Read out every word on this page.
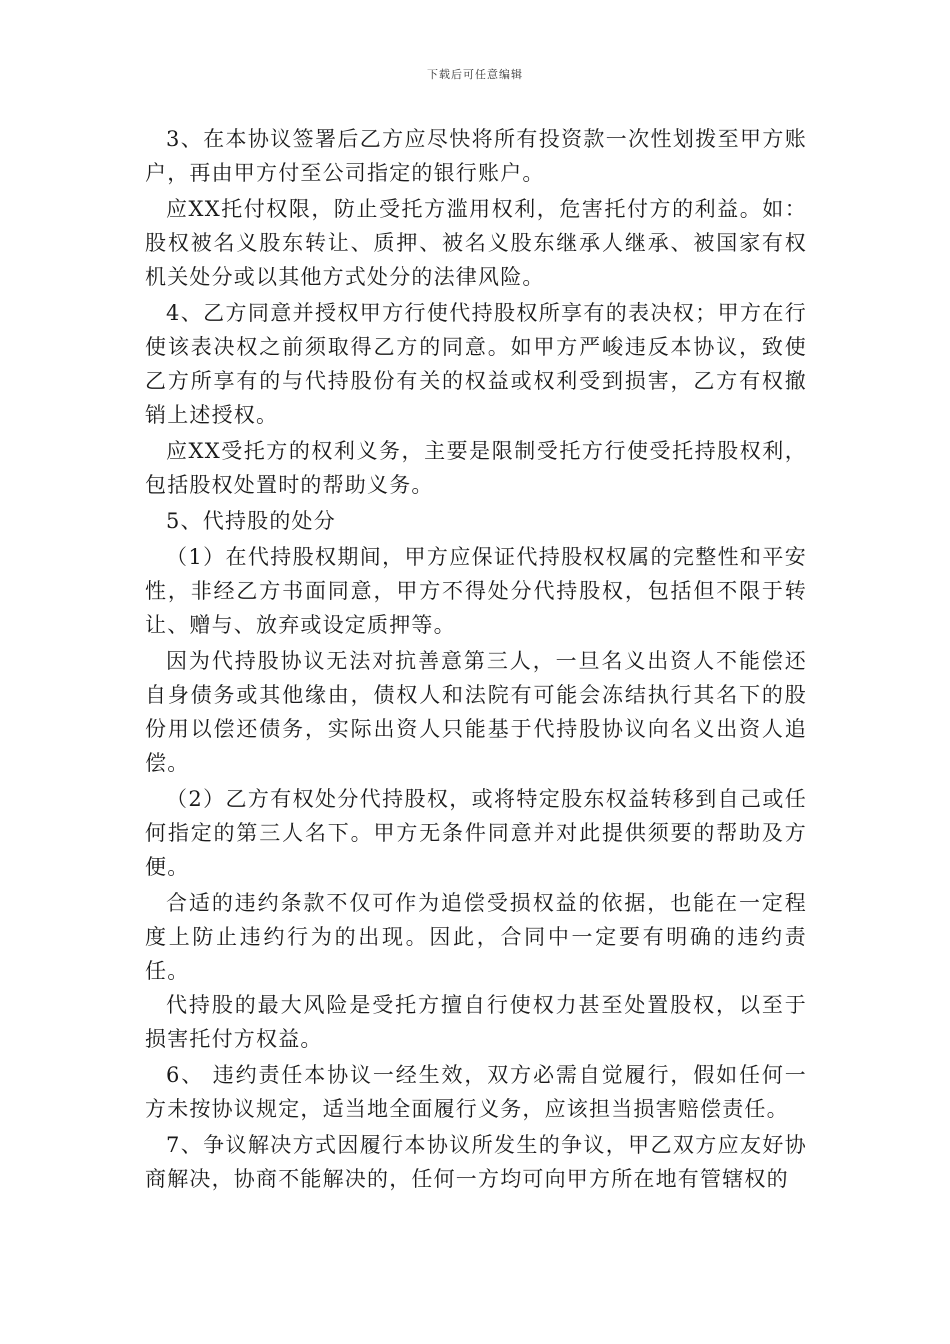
下载后可任意编辑

3、在本协议签署后乙方应尽快将所有投资款一次性划拨至甲方账户，再由甲方付至公司指定的银行账户。

应XX托付权限，防止受托方滥用权利，危害托付方的利益。如：股权被名义股东转让、质押、被名义股东继承人继承、被国家有权机关处分或以其他方式处分的法律风险。

4、乙方同意并授权甲方行使代持股权所享有的表决权；甲方在行使该表决权之前须取得乙方的同意。如甲方严峻违反本协议，致使乙方所享有的与代持股份有关的权益或权利受到损害，乙方有权撤销上述授权。

应XX受托方的权利义务，主要是限制受托方行使受托持股权利，包括股权处置时的帮助义务。

5、代持股的处分

（1）在代持股权期间，甲方应保证代持股权权属的完整性和平安性，非经乙方书面同意，甲方不得处分代持股权，包括但不限于转让、赠与、放弃或设定质押等。

因为代持股协议无法对抗善意第三人，一旦名义出资人不能偿还自身债务或其他缘由，债权人和法院有可能会冻结执行其名下的股份用以偿还债务，实际出资人只能基于代持股协议向名义出资人追偿。

（2）乙方有权处分代持股权，或将特定股东权益转移到自己或任何指定的第三人名下。甲方无条件同意并对此提供须要的帮助及方便。

合适的违约条款不仅可作为追偿受损权益的依据，也能在一定程度上防止违约行为的出现。因此，合同中一定要有明确的违约责任。

代持股的最大风险是受托方擅自行使权力甚至处置股权，以至于损害托付方权益。

6、 违约责任本协议一经生效，双方必需自觉履行，假如任何一方未按协议规定，适当地全面履行义务，应该担当损害赔偿责任。

7、争议解决方式因履行本协议所发生的争议，甲乙双方应友好协商解决，协商不能解决的，任何一方均可向甲方所在地有管辖权的
